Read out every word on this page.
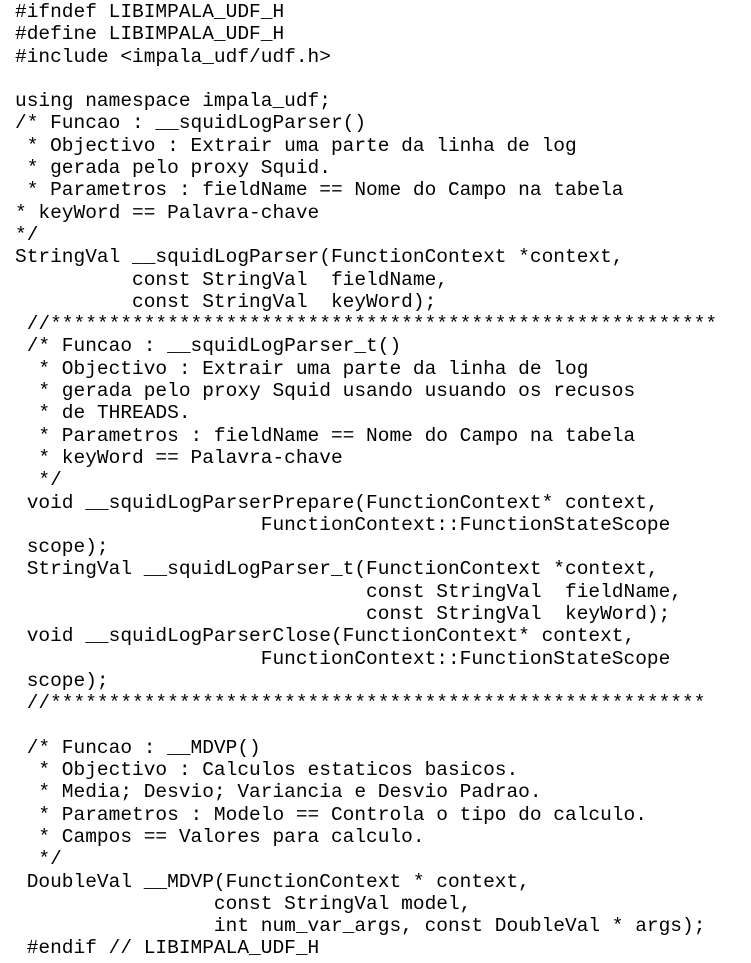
#ifndef LIBIMPALA_UDF_H
#define LIBIMPALA_UDF_H
#include <impala_udf/udf.h>
using namespace impala_udf;
/* Funcao : __squidLogParser()
* Objectivo : Extrair uma parte da linha de log
* gerada pelo proxy Squid.
* Parametros : fieldName == Nome do Campo na tabela
* keyWord == Palavra-chave
*/
StringVal __squidLogParser(FunctionContext *context,
const StringVal  fieldName,
const StringVal  keyWord);
//*********************************************************
/* Funcao : __squidLogParser_t()
* Objectivo : Extrair uma parte da linha de log
* gerada pelo proxy Squid usando usuando os recusos
* de THREADS.
* Parametros : fieldName == Nome do Campo na tabela
* keyWord == Palavra-chave
*/
void __squidLogParserPrepare(FunctionContext* context,
FunctionContext::FunctionStateScope
scope);
StringVal __squidLogParser_t(FunctionContext *context,
const StringVal  fieldName,
const StringVal  keyWord);
void __squidLogParserClose(FunctionContext* context,
FunctionContext::FunctionStateScope
scope);
//********************************************************
/* Funcao : __MDVP()
* Objectivo : Calculos estaticos basicos.
* Media; Desvio; Variancia e Desvio Padrao.
* Parametros : Modelo == Controla o tipo do calculo.
* Campos == Valores para calculo.
*/
DoubleVal __MDVP(FunctionContext * context,
const StringVal model,
int num_var_args, const DoubleVal * args);
#endif // LIBIMPALA_UDF_H
